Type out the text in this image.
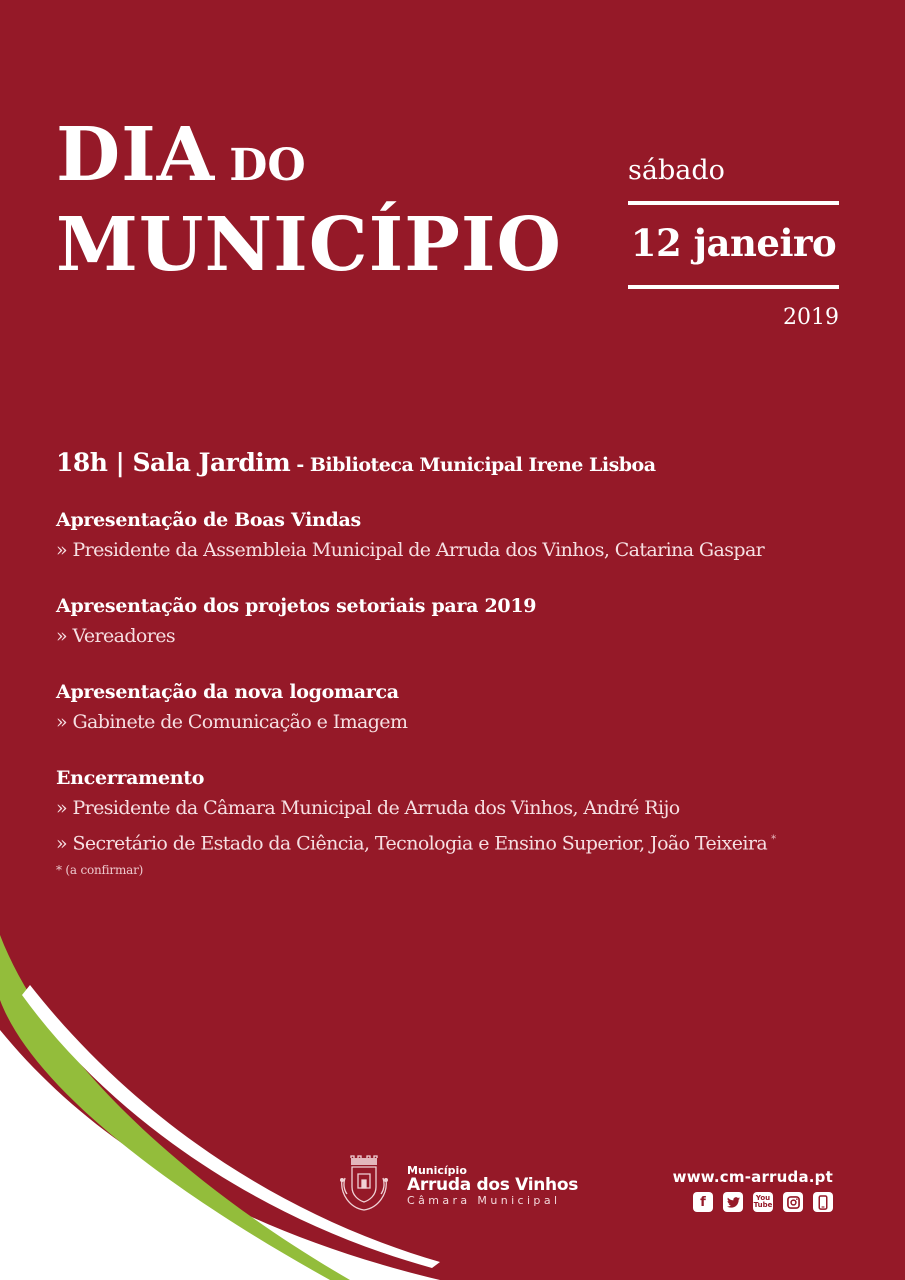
DIA DO
MUNICÍPIO
sábado
12 janeiro
2019
18h | Sala Jardim - Biblioteca Municipal Irene Lisboa
Apresentação de Boas Vindas
» Presidente da Assembleia Municipal de Arruda dos Vinhos, Catarina Gaspar
Apresentação dos projetos setoriais para 2019
» Vereadores
Apresentação da nova logomarca
» Gabinete de Comunicação e Imagem
Encerramento
» Presidente da Câmara Municipal de Arruda dos Vinhos, André Rijo
» Secretário de Estado da Ciência, Tecnologia e Ensino Superior, João Teixeira *
* (a confirmar)
Município
Arruda dos Vinhos
Câmara Municipal
www.cm-arruda.pt
f	You
Tube
